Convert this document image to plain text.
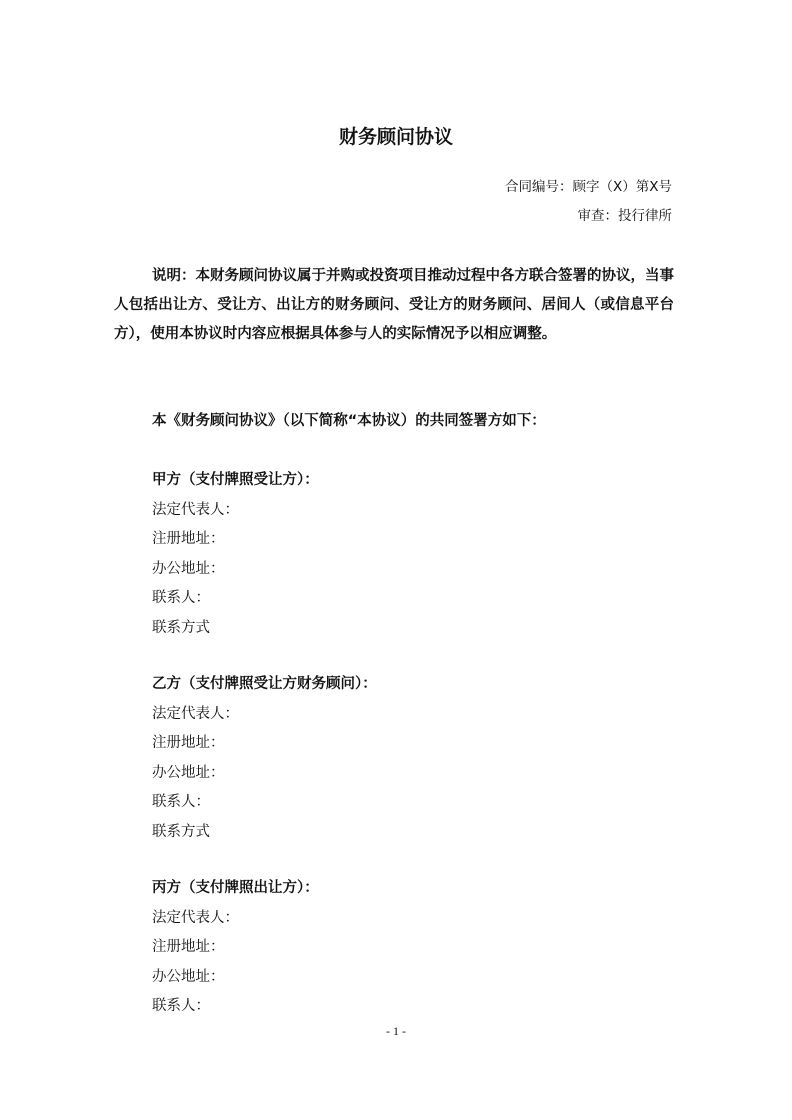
财务顾问协议
合同编号：顾字（X）第X号
审查：投行律所

说明：本财务顾问协议属于并购或投资项目推动过程中各方联合签署的协议，当事人包括出让方、受让方、出让方的财务顾问、受让方的财务顾问、居间人（或信息平台方），使用本协议时内容应根据具体参与人的实际情况予以相应调整。

本《财务顾问协议》（以下简称“本协议）的共同签署方如下：
甲方（支付牌照受让方）：
法定代表人：
注册地址：
办公地址：
联系人：
联系方式
乙方（支付牌照受让方财务顾问）：
法定代表人：
注册地址：
办公地址：
联系人：
联系方式
丙方（支付牌照出让方）：
法定代表人：
注册地址：
办公地址：
联系人：
- 1 -
